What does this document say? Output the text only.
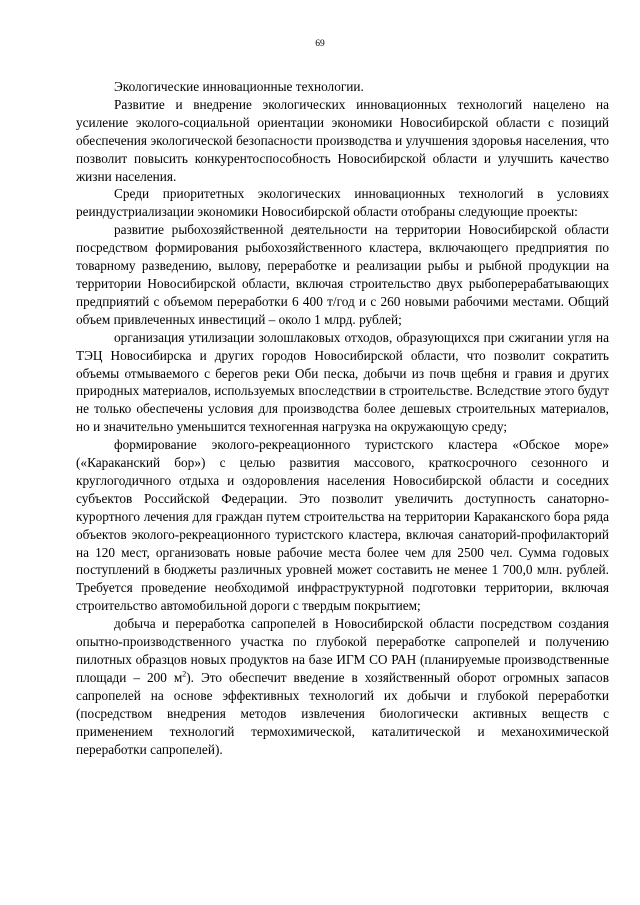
69

Экологические инновационные технологии.

Развитие и внедрение экологических инновационных технологий нацелено на усиление эколого-социальной ориентации экономики Новосибирской области с позиций обеспечения экологической безопасности производства и улучшения здоровья населения, что позволит повысить конкурентоспособность Новосибирской области и улучшить качество жизни населения.

Среди приоритетных экологических инновационных технологий в условиях реиндустриализации экономики Новосибирской области отобраны следующие проекты:

развитие рыбохозяйственной деятельности на территории Новосибирской области посредством формирования рыбохозяйственного кластера, включающего предприятия по товарному разведению, вылову, переработке и реализации рыбы и рыбной продукции на территории Новосибирской области, включая строительство двух рыбоперерабатывающих предприятий с объемом переработки 6 400 т/год и с 260 новыми рабочими местами. Общий объем привлеченных инвестиций – около 1 млрд. рублей;

организация утилизации золошлаковых отходов, образующихся при сжигании угля на ТЭЦ Новосибирска и других городов Новосибирской области, что позволит сократить объемы отмываемого с берегов реки Оби песка, добычи из почв щебня и гравия и других природных материалов, используемых впоследствии в строительстве. Вследствие этого будут не только обеспечены условия для производства более дешевых строительных материалов, но и значительно уменьшится техногенная нагрузка на окружающую среду;

формирование эколого-рекреационного туристского кластера «Обское море» («Караканский бор») с целью развития массового, краткосрочного сезонного и круглогодичного отдыха и оздоровления населения Новосибирской области и соседних субъектов Российской Федерации. Это позволит увеличить доступность санаторно-курортного лечения для граждан путем строительства на территории Караканского бора ряда объектов эколого-рекреационного туристского кластера, включая санаторий-профилакторий на 120 мест, организовать новые рабочие места более чем для 2500 чел. Сумма годовых поступлений в бюджеты различных уровней может составить не менее 1 700,0 млн. рублей. Требуется проведение необходимой инфраструктурной подготовки территории, включая строительство автомобильной дороги с твердым покрытием;

добыча и переработка сапропелей в Новосибирской области посредством создания опытно-производственного участка по глубокой переработке сапропелей и получению пилотных образцов новых продуктов на базе ИГМ СО РАН (планируемые производственные площади – 200 $м^2$). Это обеспечит введение в хозяйственный оборот огромных запасов сапропелей на основе эффективных технологий их добычи и глубокой переработки (посредством внедрения методов извлечения биологически активных веществ с применением технологий термохимической, каталитической и механохимической переработки сапропелей).
